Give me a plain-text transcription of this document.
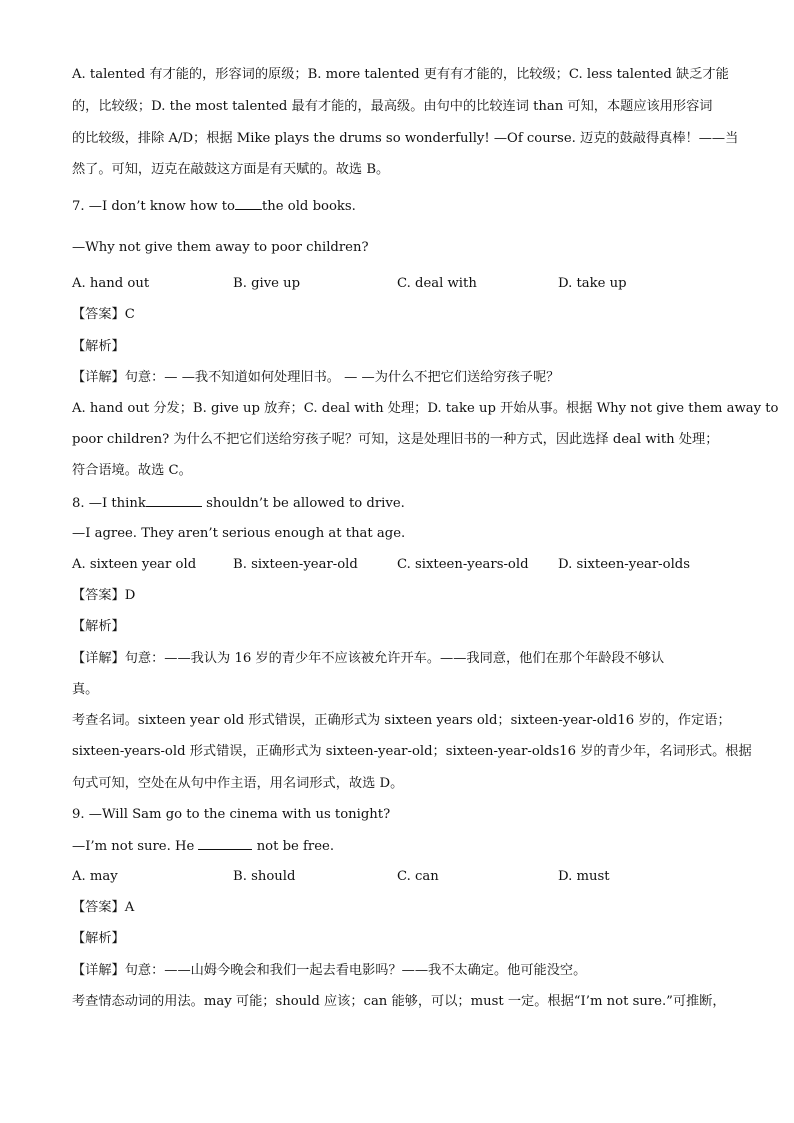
A. talented 有才能的，形容词的原级；B. more talented 更有有才能的，比较级；C. less talented 缺乏才能
的，比较级；D. the most talented 最有才能的，最高级。由句中的比较连词 than 可知，本题应该用形容词
的比较级，排除 A/D；根据 Mike plays the drums so wonderfully! —Of course. 迈克的鼓敲得真棒！——当
然了。可知，迈克在敲鼓这方面是有天赋的。故选 B。
7. —I don’t know how to the old books.
—Why not give them away to poor children?
A. hand out	B. give up	C. deal with	D. take up
【答案】C
【解析】
【详解】句意：— —我不知道如何处理旧书。 — —为什么不把它们送给穷孩子呢？
A. hand out 分发；B. give up 放弃；C. deal with 处理；D. take up 开始从事。根据 Why not give them away to
poor children? 为什么不把它们送给穷孩子呢？可知，这是处理旧书的一种方式，因此选择 deal with 处理；
符合语境。故选 C。
8. —I think	shouldn’t be allowed to drive.
—I agree. They aren’t serious enough at that age.
A. sixteen year old	B. sixteen-year-old	C. sixteen-years-old D. sixteen-year-olds
【答案】D
【解析】
【详解】句意：——我认为 16 岁的青少年不应该被允许开车。——我同意，他们在那个年龄段不够认
真。
考查名词。sixteen year old 形式错误，正确形式为 sixteen years old；sixteen-year-old16 岁的，作定语；
sixteen-years-old 形式错误，正确形式为 sixteen-year-old；sixteen-year-olds16 岁的青少年，名词形式。根据
句式可知，空处在从句中作主语，用名词形式，故选 D。
9. —Will Sam go to the cinema with us tonight?
—I’m not sure. He	not be free.
A. may	B. should	C. can	D. must
【答案】A
【解析】
【详解】句意：——山姆今晚会和我们一起去看电影吗？——我不太确定。他可能没空。
考查情态动词的用法。may 可能；should 应该；can 能够，可以；must 一定。根据“I’m not sure.”可推断，
